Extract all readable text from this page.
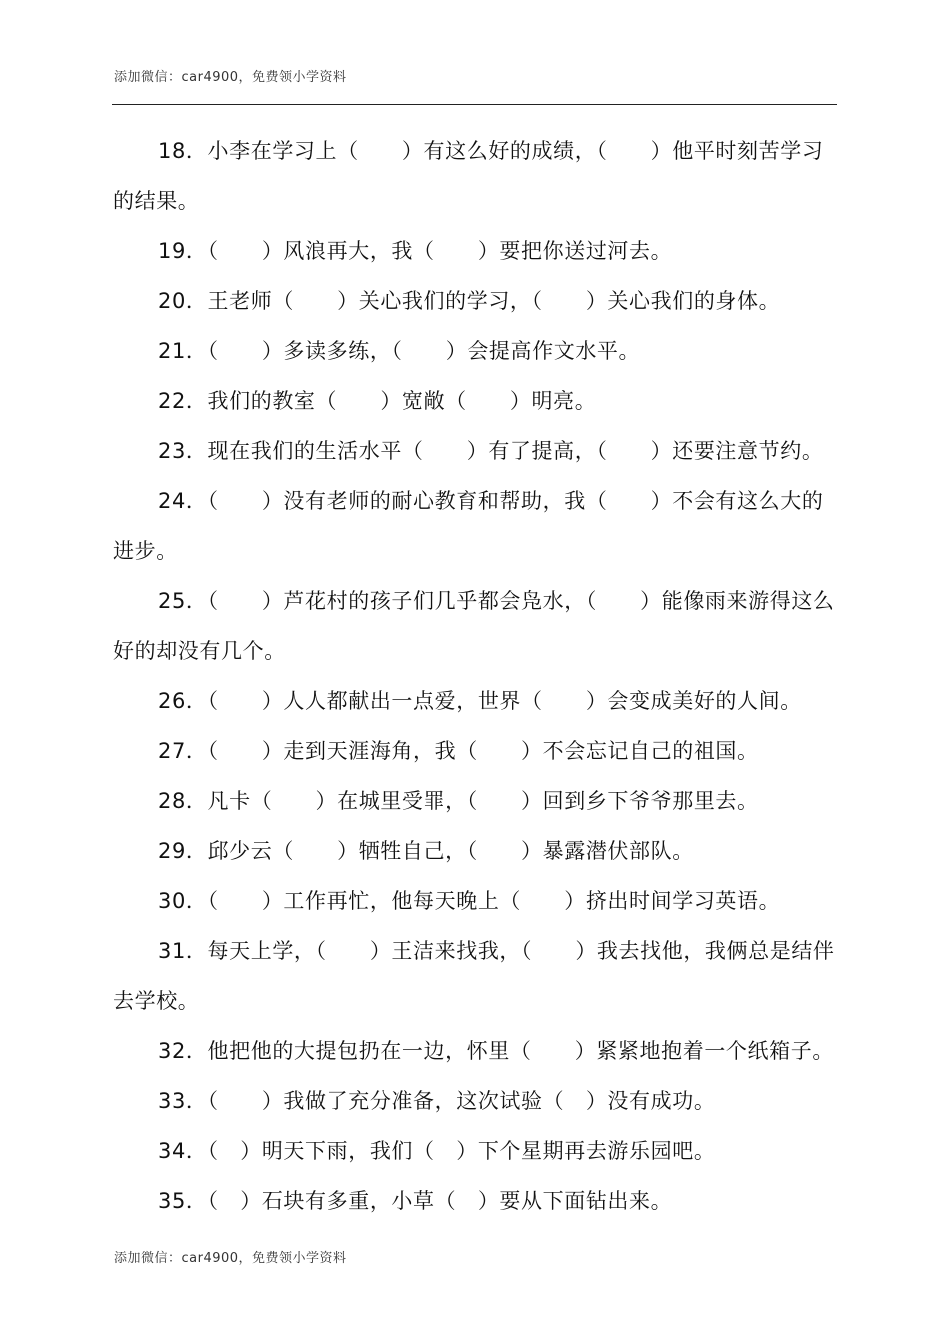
添加微信：car4900，免费领小学资料
18．小李在学习上（　　）有这么好的成绩，（　　）他平时刻苦学习的结果。
19．（　　）风浪再大，我（　　）要把你送过河去。
20．王老师（　　）关心我们的学习，（　　）关心我们的身体。
21．（　　）多读多练，（　　）会提高作文水平。
22．我们的教室（　　）宽敞（　　）明亮。
23．现在我们的生活水平（　　）有了提高，（　　）还要注意节约。
24．（　　）没有老师的耐心教育和帮助，我（　　）不会有这么大的进步。
25．（　　）芦花村的孩子们几乎都会凫水，（　　）能像雨来游得这么好的却没有几个。
26．（　　）人人都献出一点爱，世界（　　）会变成美好的人间。
27．（　　）走到天涯海角，我（　　）不会忘记自己的祖国。
28．凡卡（　　）在城里受罪，（　　）回到乡下爷爷那里去。
29．邱少云（　　）牺牲自己，（　　）暴露潜伏部队。
30．（　　）工作再忙，他每天晚上（　　）挤出时间学习英语。
31．每天上学，（　　）王洁来找我，（　　）我去找他，我俩总是结伴去学校。
32．他把他的大提包扔在一边，怀里（　　）紧紧地抱着一个纸箱子。
33．（　　）我做了充分准备，这次试验（　）没有成功。
34．（　）明天下雨，我们（　）下个星期再去游乐园吧。
35．（　）石块有多重，小草（　）要从下面钻出来。
添加微信：car4900，免费领小学资料
